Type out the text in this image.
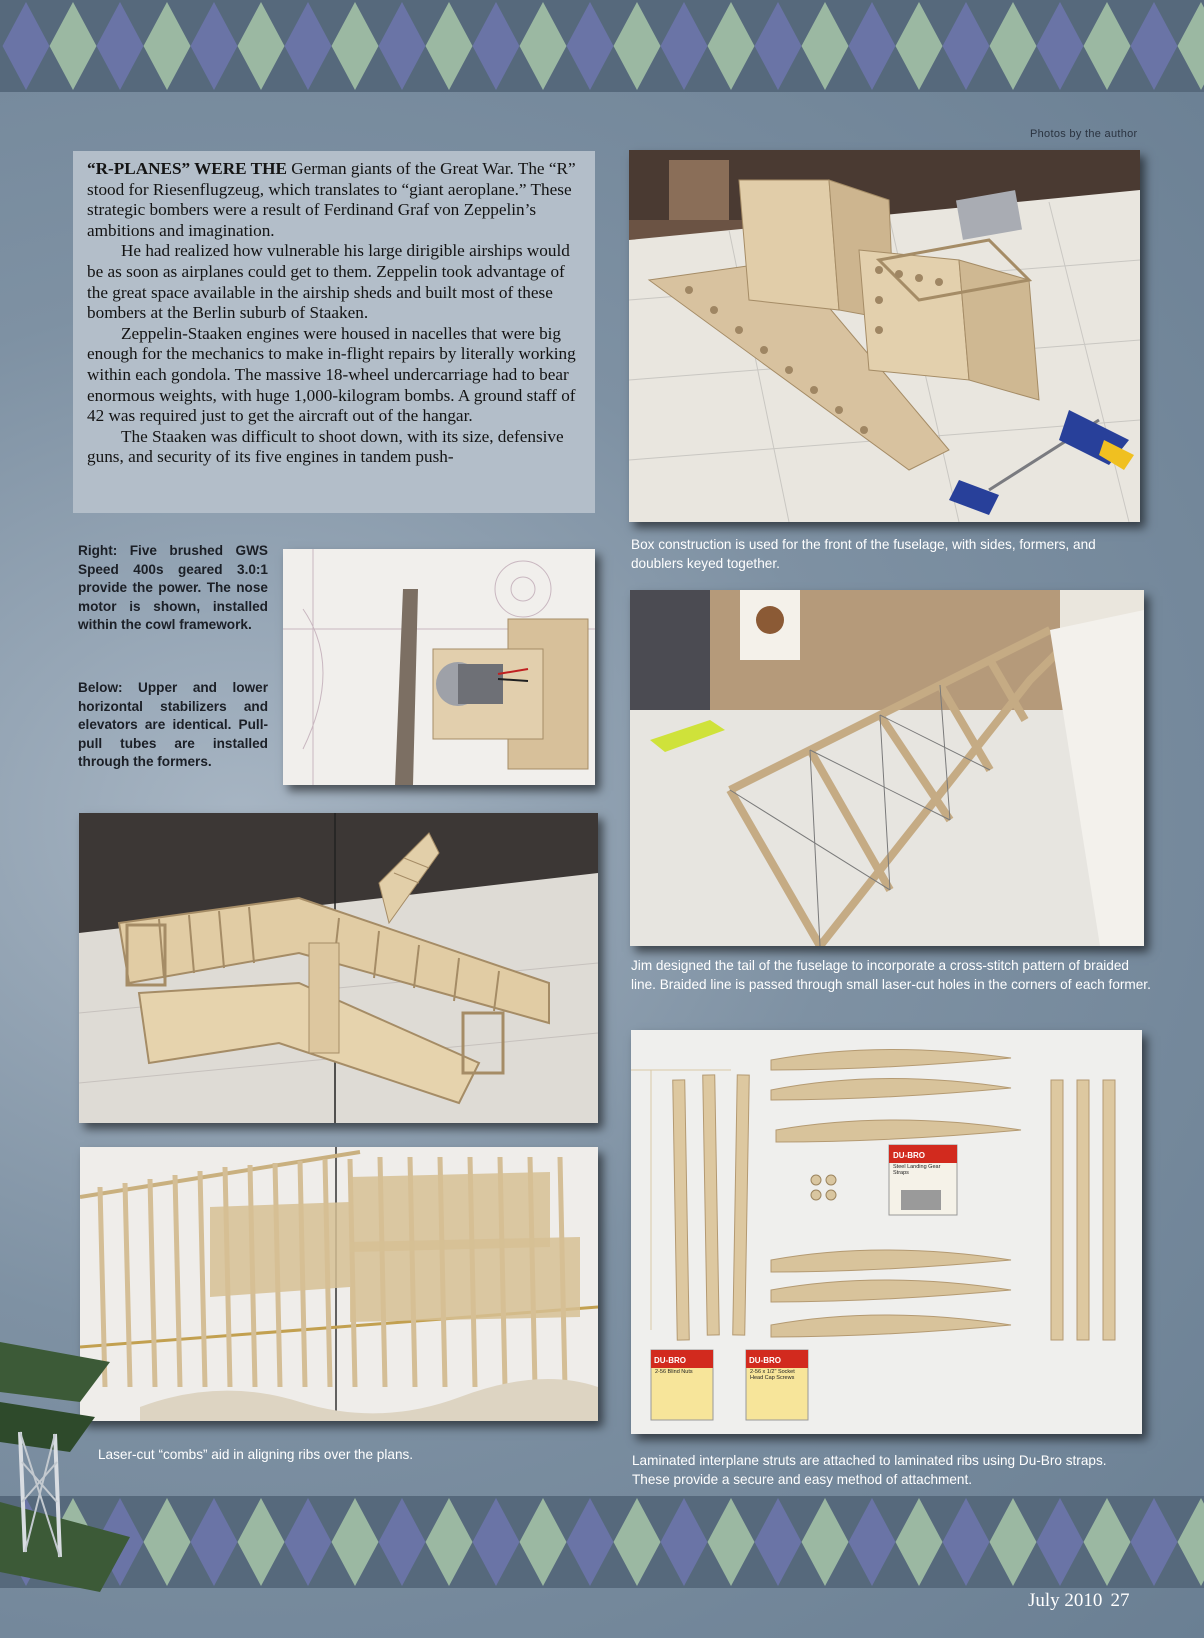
Photos by the author

“R-PLANES” WERE THE German giants of the Great War. The “R” stood for Riesenflugzeug, which translates to “giant aeroplane.” These strategic bombers were a result of Ferdinand Graf von Zeppelin’s ambitions and imagination.

He had realized how vulnerable his large dirigible airships would be as soon as airplanes could get to them. Zeppelin took advantage of the great space available in the airship sheds and built most of these bombers at the Berlin suburb of Staaken.

Zeppelin-Staaken engines were housed in nacelles that were big enough for the mechanics to make in-flight repairs by literally working within each gondola. The massive 18-wheel undercarriage had to bear enormous weights, with huge 1,000-kilogram bombs. A ground staff of 42 was required just to get the aircraft out of the hangar.

The Staaken was difficult to shoot down, with its size, defensive guns, and security of its five engines in tandem push-

Box construction is used for the front of the fuselage, with sides, formers, and doublers keyed together.
Right: Five brushed GWS Speed 400s geared 3.0:1 provide the power. The nose motor is shown, installed within the cowl framework.
Below: Upper and lower horizontal stabilizers and elevators are identical. Pull-pull tubes are installed through the formers.
Jim designed the tail of the fuselage to incorporate a cross-stitch pattern of braided line. Braided line is passed through small laser-cut holes in the corners of each former.
Laser-cut “combs” aid in aligning ribs over the plans.
DU-BRO
Steel Landing Gear Straps
DU-BRO
2-56 Blind Nuts
DU-BRO
2-56 x 1/2" Socket Head Cap Screws
Laminated interplane struts are attached to laminated ribs using Du-Bro straps. These provide a secure and easy method of attachment.
July 2010 27
